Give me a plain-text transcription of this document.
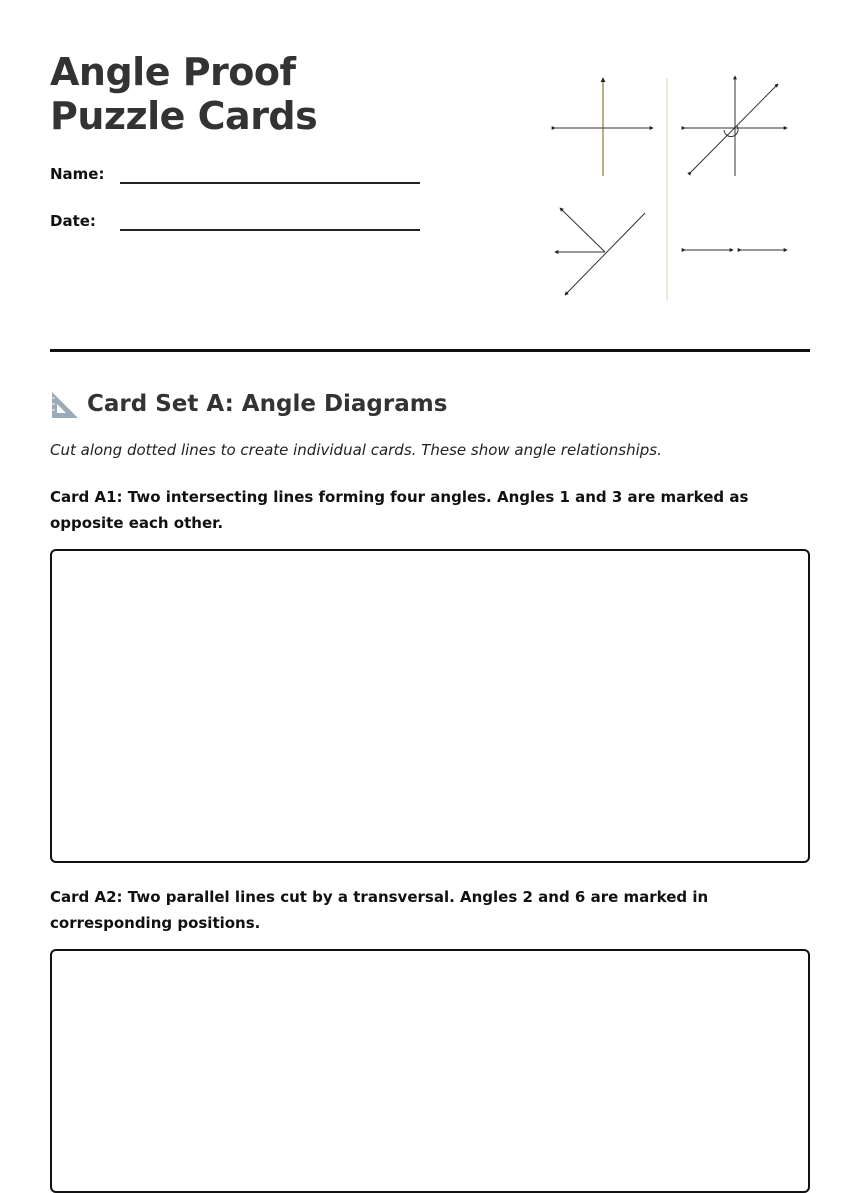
Angle Proof Puzzle Cards
Name:
Date:
Card Set A: Angle Diagrams

Cut along dotted lines to create individual cards. These show angle relationships.

Card A1: Two intersecting lines forming four angles. Angles 1 and 3 are marked as opposite each other.

Card A2: Two parallel lines cut by a transversal. Angles 2 and 6 are marked in corresponding positions.
